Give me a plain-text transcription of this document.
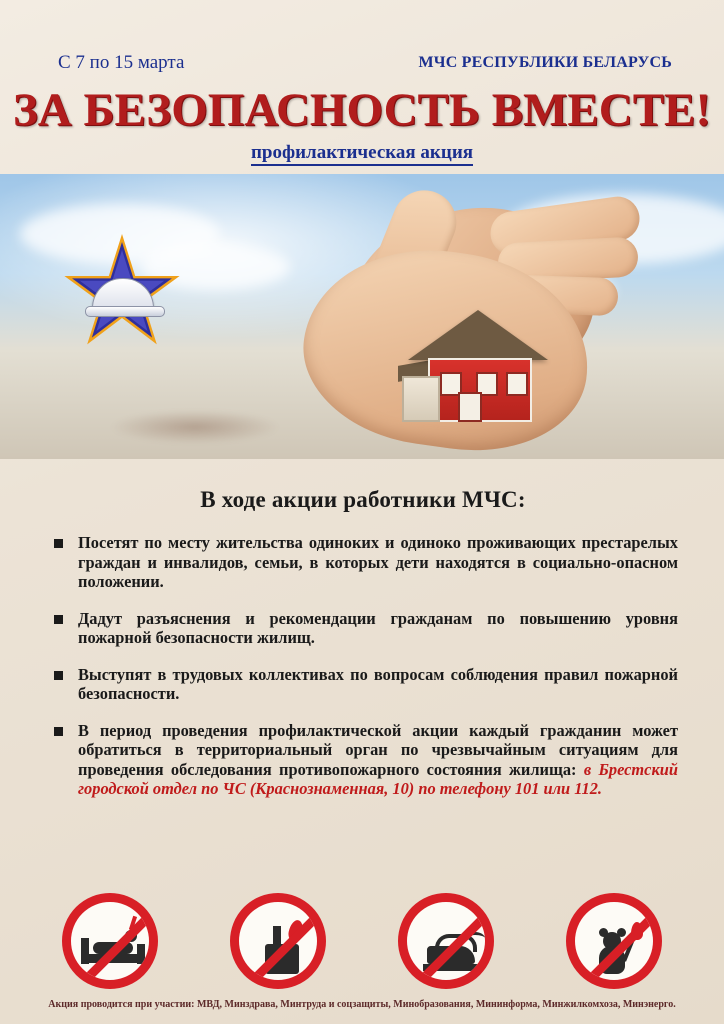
С 7 по 15 марта	МЧС РЕСПУБЛИКИ БЕЛАРУСЬ
ЗА БЕЗОПАСНОСТЬ ВМЕСТЕ!
профилактическая акция
В ходе акции работники МЧС:
Посетят по месту жительства одиноких и одиноко проживающих престарелых граждан и инвалидов, семьи, в которых дети находятся в социально-опасном положении.
Дадут разъяснения и рекомендации гражданам по повышению уровня пожарной безопасности жилищ.
Выступят в трудовых коллективах по вопросам соблюдения правил пожарной безопасности.
В период проведения профилактической акции каждый гражданин может обратиться в территориальный орган по чрезвычайным ситуациям для проведения обследования противопожарного состояния жилища: в Брестский городской отдел по ЧС (Краснознаменная, 10) по телефону 101 или 112.
Акция проводится при участии: МВД, Минздрава, Минтруда и соцзащиты, Минобразования, Мининформа, Минжилкомхоза, Минэнерго.
